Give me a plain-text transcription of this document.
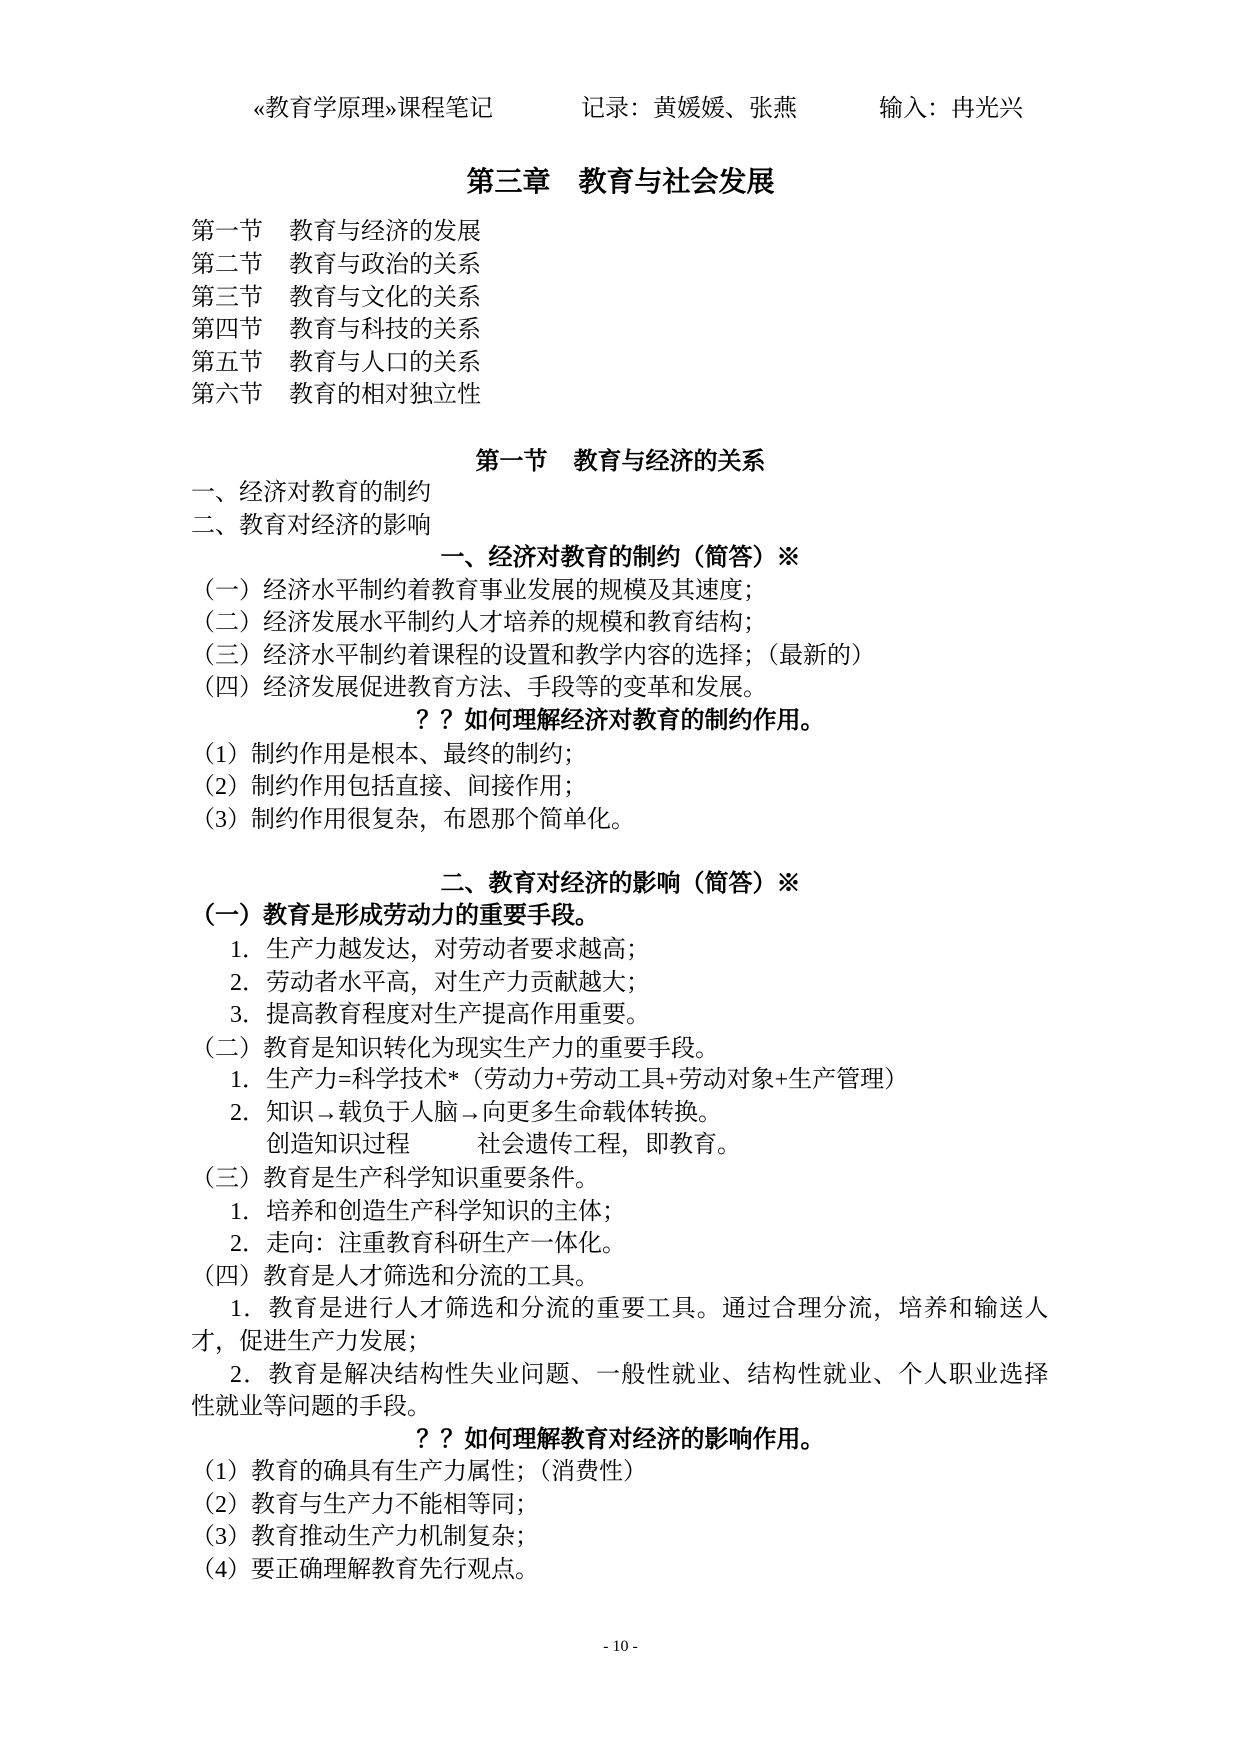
«教育学原理»课程笔记	记录：黄媛媛、张燕	输入：冉光兴
第三章  教育与社会发展
第一节  教育与经济的发展
第二节  教育与政治的关系
第三节  教育与文化的关系
第四节  教育与科技的关系
第五节  教育与人口的关系
第六节  教育的相对独立性
第一节  教育与经济的关系
一、经济对教育的制约
二、教育对经济的影响
一、经济对教育的制约（简答）※
（一）经济水平制约着教育事业发展的规模及其速度；
（二）经济发展水平制约人才培养的规模和教育结构；
（三）经济水平制约着课程的设置和教学内容的选择；（最新的）
（四）经济发展促进教育方法、手段等的变革和发展。
？？如何理解经济对教育的制约作用。
（1）制约作用是根本、最终的制约；
（2）制约作用包括直接、间接作用；
（3）制约作用很复杂，布恩那个简单化。
二、教育对经济的影响（简答）※
（一）教育是形成劳动力的重要手段。
1．生产力越发达，对劳动者要求越高；
2．劳动者水平高，对生产力贡献越大；
3．提高教育程度对生产提高作用重要。
（二）教育是知识转化为现实生产力的重要手段。
1．生产力=科学技术*（劳动力+劳动工具+劳动对象+生产管理）
2．知识→载负于人脑→向更多生命载体转换。
创造知识过程	社会遗传工程，即教育。
（三）教育是生产科学知识重要条件。
1．培养和创造生产科学知识的主体；
2．走向：注重教育科研生产一体化。
（四）教育是人才筛选和分流的工具。
1．教育是进行人才筛选和分流的重要工具。通过合理分流，培养和输送人
才，促进生产力发展；
2．教育是解决结构性失业问题、一般性就业、结构性就业、个人职业选择
性就业等问题的手段。
？？如何理解教育对经济的影响作用。
（1）教育的确具有生产力属性；（消费性）
（2）教育与生产力不能相等同；
（3）教育推动生产力机制复杂；
（4）要正确理解教育先行观点。
- 10 -
